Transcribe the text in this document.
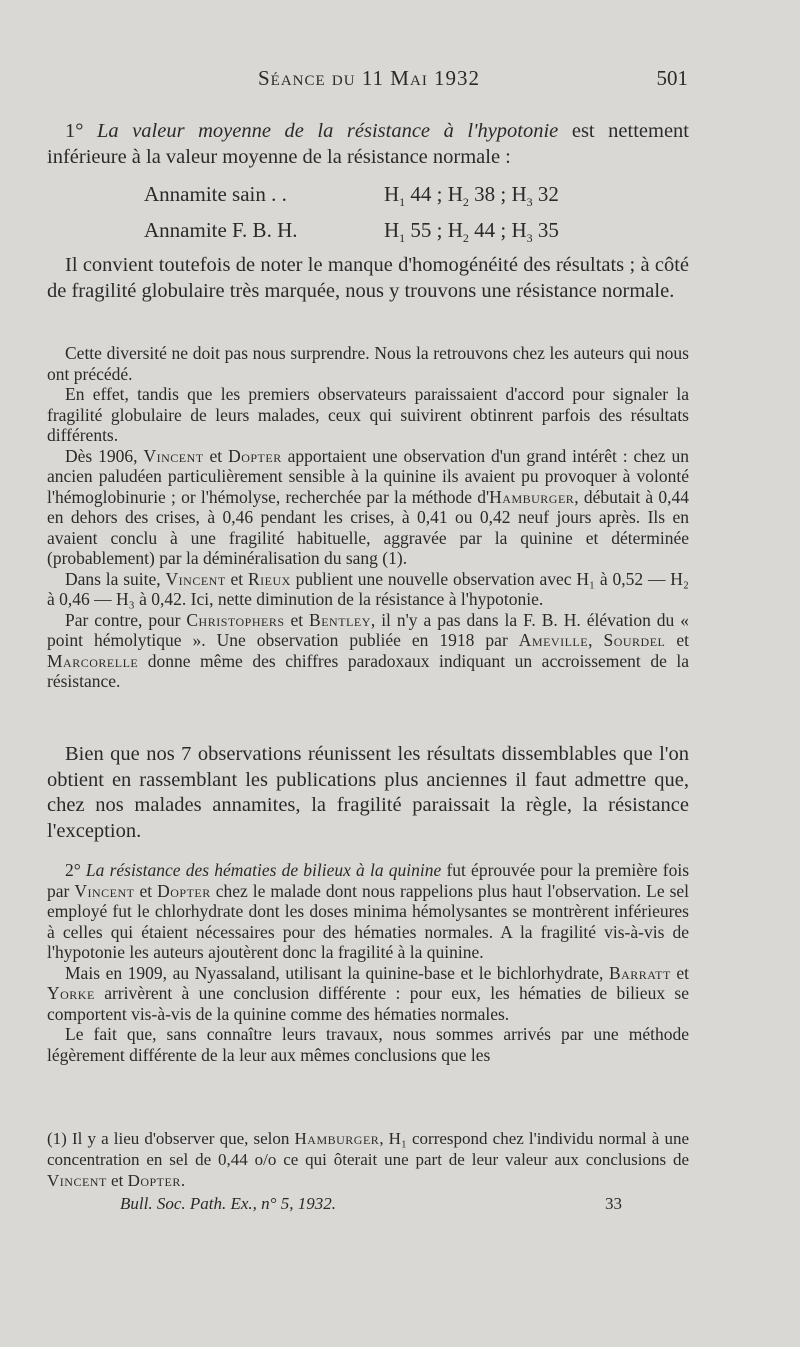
Séance du 11 Mai 1932	501

1° La valeur moyenne de la résistance à l'hypotonie est nettement inférieure à la valeur moyenne de la résistance normale :

Annamite sain . .	$H_1$ 44 ; $H_2$ 38 ; $H_3$ 32
Annamite F. B. H.	$H_1$ 55 ; $H_2$ 44 ; $H_3$ 35

Il convient toutefois de noter le manque d'homogénéité des résultats ; à côté de fragilité globulaire très marquée, nous y trouvons une résistance normale.

Cette diversité ne doit pas nous surprendre. Nous la retrouvons chez les auteurs qui nous ont précédé.

En effet, tandis que les premiers observateurs paraissaient d'accord pour signaler la fragilité globulaire de leurs malades, ceux qui suivirent obtinrent parfois des résultats différents.

Dès 1906, Vincent et Dopter apportaient une observation d'un grand intérêt : chez un ancien paludéen particulièrement sensible à la quinine ils avaient pu provoquer à volonté l'hémoglobinurie ; or l'hémolyse, recherchée par la méthode d'Hamburger, débutait à 0,44 en dehors des crises, à 0,46 pendant les crises, à 0,41 ou 0,42 neuf jours après. Ils en avaient conclu à une fragilité habituelle, aggravée par la quinine et déterminée (probablement) par la déminéralisation du sang (1).

Dans la suite, Vincent et Rieux publient une nouvelle observation avec H₁ à 0,52 — H₂ à 0,46 — H₃ à 0,42. Ici, nette diminution de la résistance à l'hypotonie.

Par contre, pour Christophers et Bentley, il n'y a pas dans la F. B. H. élévation du « point hémolytique ». Une observation publiée en 1918 par Ameville, Sourdel et Marcorelle donne même des chiffres paradoxaux indiquant un accroissement de la résistance.

Bien que nos 7 observations réunissent les résultats dissemblables que l'on obtient en rassemblant les publications plus anciennes il faut admettre que, chez nos malades annamites, la fragilité paraissait la règle, la résistance l'exception.

2° La résistance des hématies de bilieux à la quinine fut éprouvée pour la première fois par Vincent et Dopter chez le malade dont nous rappelions plus haut l'observation. Le sel employé fut le chlorhydrate dont les doses minima hémolysantes se montrèrent inférieures à celles qui étaient nécessaires pour des hématies normales. A la fragilité vis-à-vis de l'hypotonie les auteurs ajoutèrent donc la fragilité à la quinine.

Mais en 1909, au Nyassaland, utilisant la quinine-base et le bichlorhydrate, Barratt et Yorke arrivèrent à une conclusion différente : pour eux, les hématies de bilieux se comportent vis-à-vis de la quinine comme des hématies normales.

Le fait que, sans connaître leurs travaux, nous sommes arrivés par une méthode légèrement différente de la leur aux mêmes conclusions que les

(1) Il y a lieu d'observer que, selon Hamburger, H₁ correspond chez l'individu normal à une concentration en sel de 0,44 o/o ce qui ôterait une part de leur valeur aux conclusions de Vincent et Dopter.
Bull. Soc. Path. Ex., n° 5, 1932.	33
